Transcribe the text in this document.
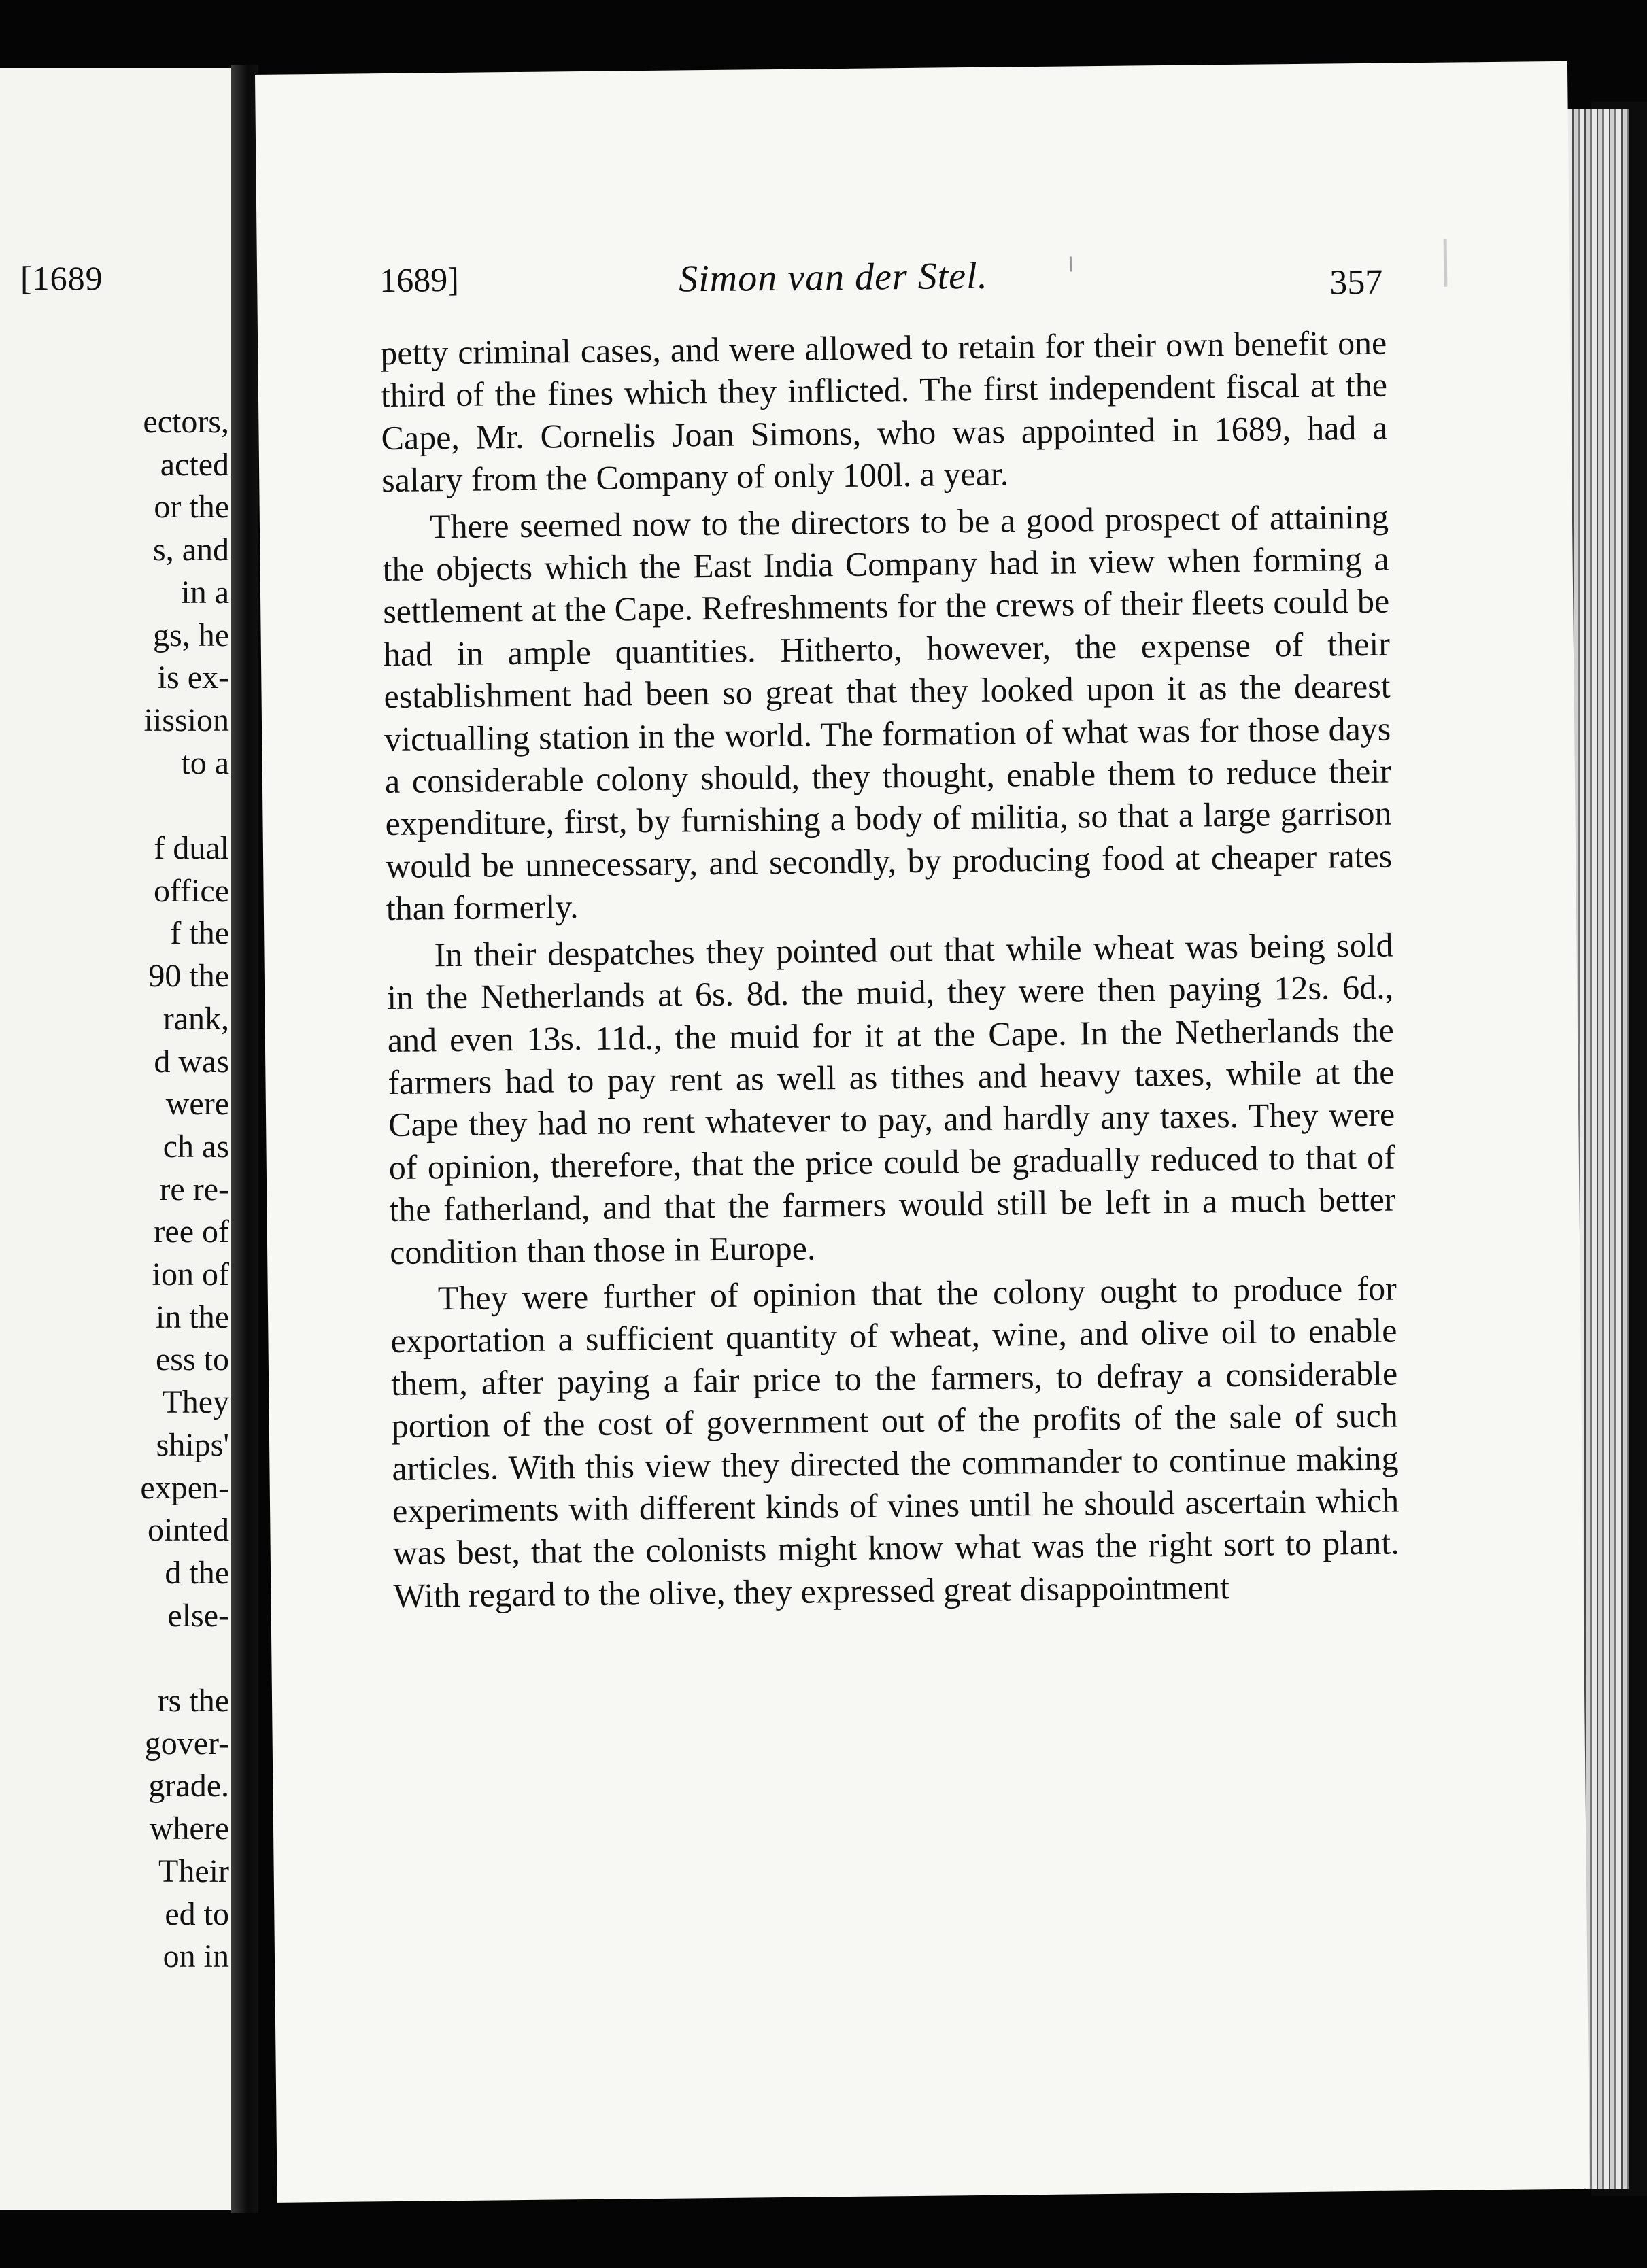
[1689
ectors,
acted
or the
s, and
in a
gs, he
is ex-
iission
to a
f dual
office
f the
90 the
rank,
d was
were
ch as
re re-
ree of
ion of
in the
ess to
They
ships'
expen-
ointed
d the
else-
rs the
gover-
grade.
where
Their
ed to
on in
1689]	Simon van der Stel.	357

petty criminal cases, and were allowed to retain for their own benefit one third of the fines which they inflicted. The first independent fiscal at the Cape, Mr. Cornelis Joan Simons, who was appointed in 1689, had a salary from the Company of only 100l. a year.

There seemed now to the directors to be a good prospect of attaining the objects which the East India Company had in view when forming a settlement at the Cape. Refreshments for the crews of their fleets could be had in ample quantities. Hitherto, however, the expense of their establishment had been so great that they looked upon it as the dearest victualling station in the world. The formation of what was for those days a considerable colony should, they thought, enable them to reduce their expenditure, first, by furnishing a body of militia, so that a large garrison would be unnecessary, and secondly, by producing food at cheaper rates than formerly.

In their despatches they pointed out that while wheat was being sold in the Netherlands at 6s. 8d. the muid, they were then paying 12s. 6d., and even 13s. 11d., the muid for it at the Cape. In the Netherlands the farmers had to pay rent as well as tithes and heavy taxes, while at the Cape they had no rent whatever to pay, and hardly any taxes. They were of opinion, therefore, that the price could be gradually reduced to that of the fatherland, and that the farmers would still be left in a much better condition than those in Europe.

They were further of opinion that the colony ought to produce for exportation a sufficient quantity of wheat, wine, and olive oil to enable them, after paying a fair price to the farmers, to defray a considerable portion of the cost of government out of the profits of the sale of such articles. With this view they directed the commander to continue making experiments with different kinds of vines until he should ascertain which was best, that the colonists might know what was the right sort to plant. With regard to the olive, they expressed great disappointment
